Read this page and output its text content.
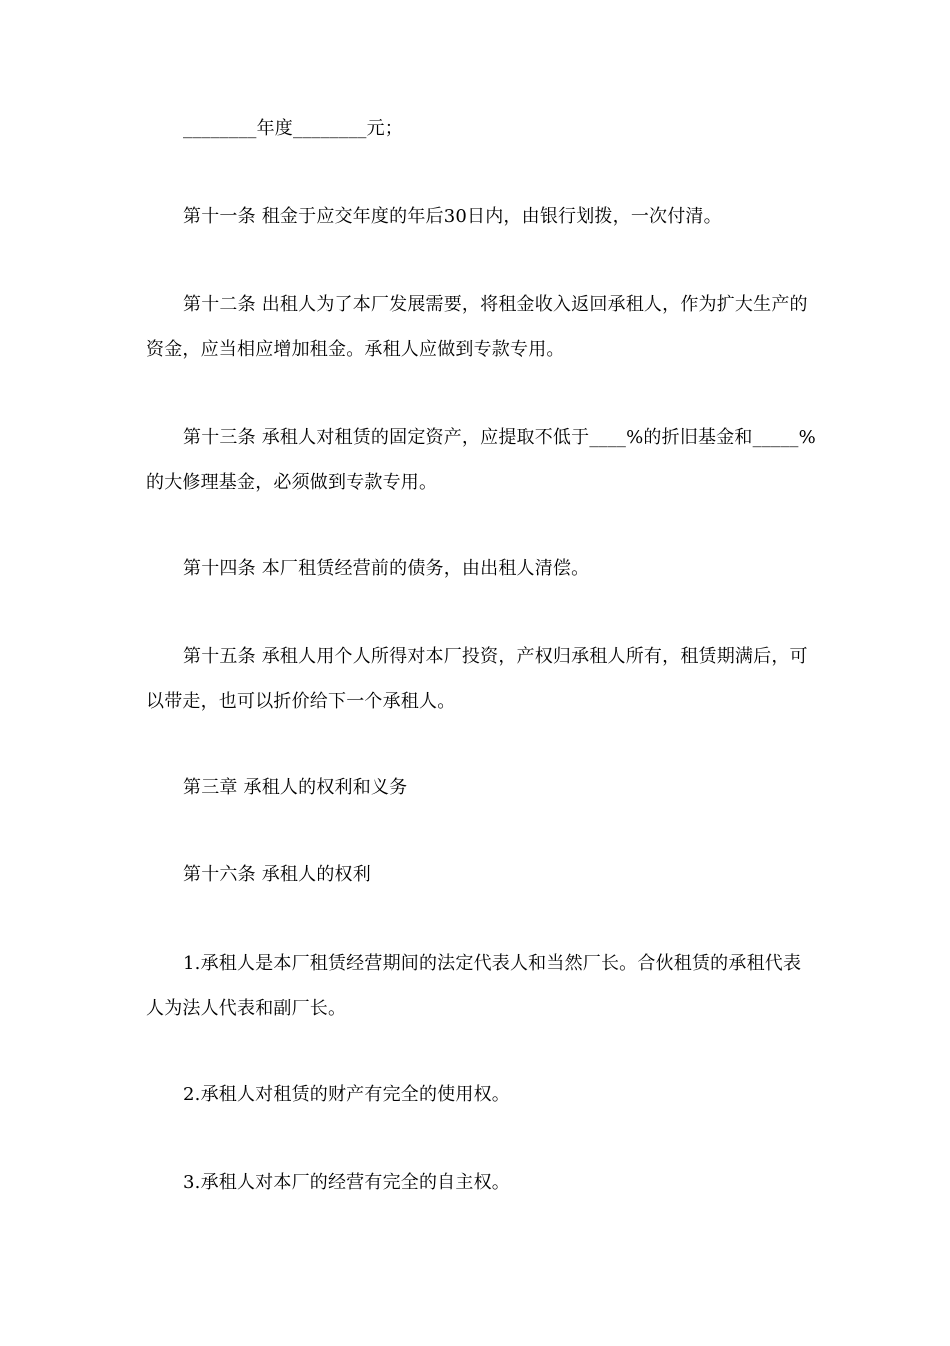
________年度________元；

第十一条 租金于应交年度的年后30日内，由银行划拨，一次付清。

第十二条 出租人为了本厂发展需要，将租金收入返回承租人，作为扩大生产的资金，应当相应增加租金。承租人应做到专款专用。

第十三条 承租人对租赁的固定资产，应提取不低于____%的折旧基金和_____%的大修理基金，必须做到专款专用。

第十四条 本厂租赁经营前的债务，由出租人清偿。

第十五条 承租人用个人所得对本厂投资，产权归承租人所有，租赁期满后，可以带走，也可以折价给下一个承租人。

第三章 承租人的权利和义务

第十六条 承租人的权利

1.承租人是本厂租赁经营期间的法定代表人和当然厂长。合伙租赁的承租代表人为法人代表和副厂长。

2.承租人对租赁的财产有完全的使用权。

3.承租人对本厂的经营有完全的自主权。
